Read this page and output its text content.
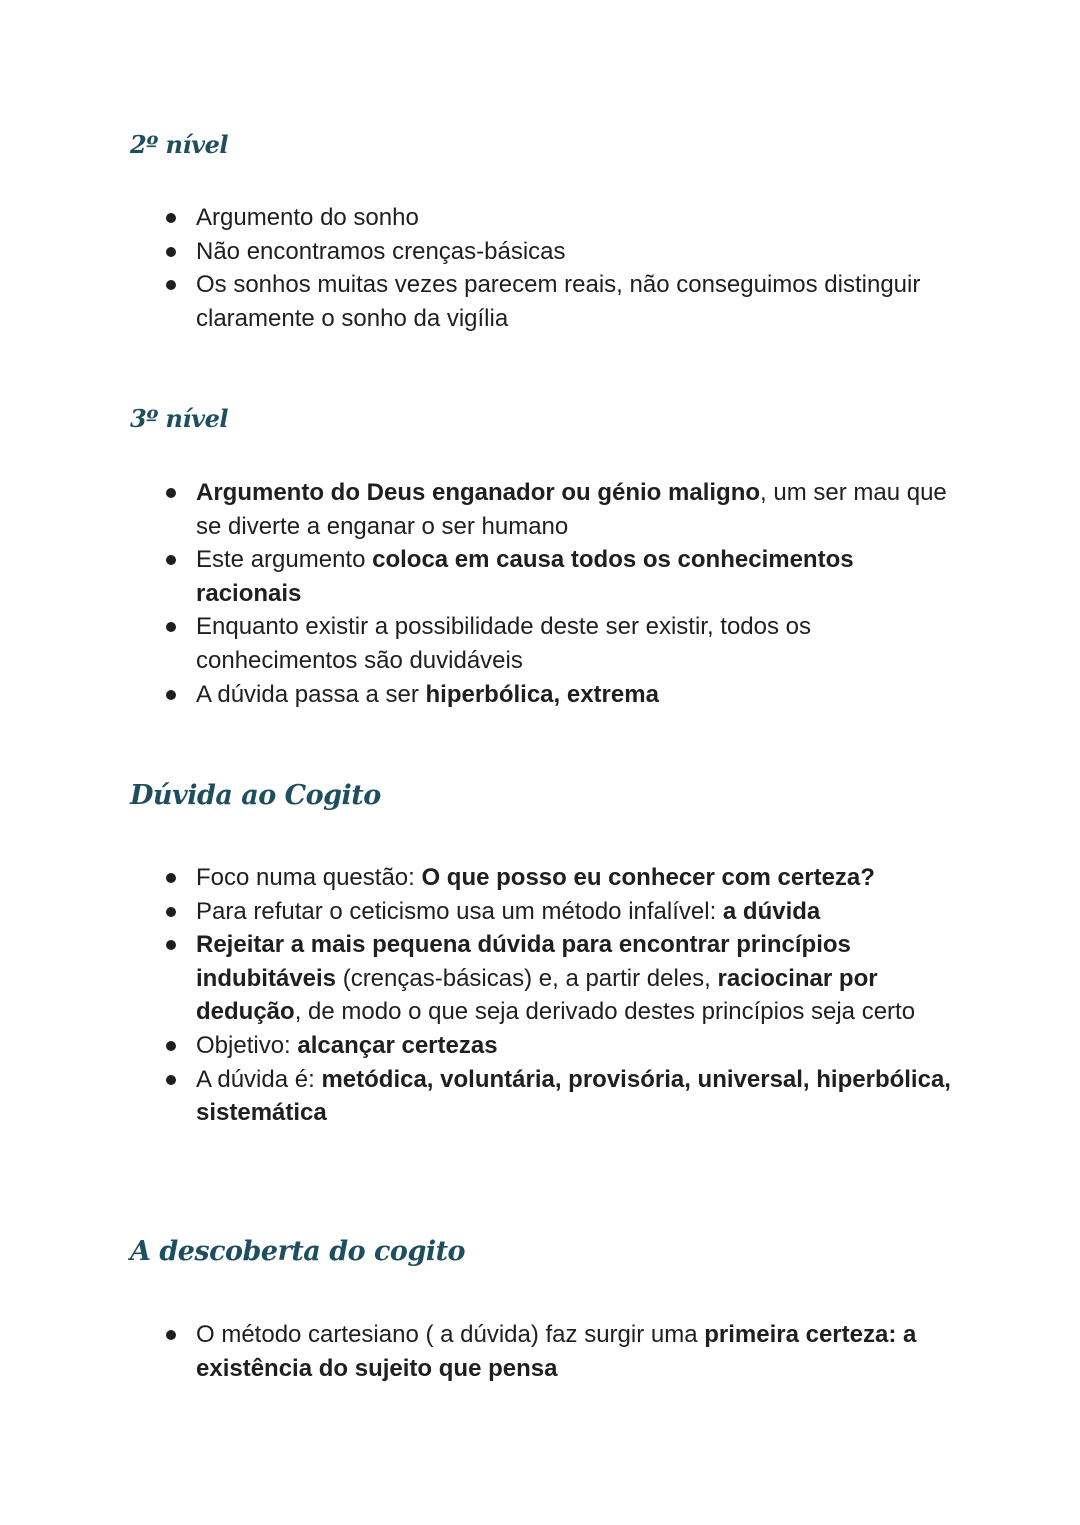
2º nível
Argumento do sonho
Não encontramos crenças-básicas
Os sonhos muitas vezes parecem reais, não conseguimos distinguir claramente o sonho da vigília
3º nível
Argumento do Deus enganador ou génio maligno, um ser mau que se diverte a enganar o ser humano
Este argumento coloca em causa todos os conhecimentos racionais
Enquanto existir a possibilidade deste ser existir, todos os conhecimentos são duvidáveis
A dúvida passa a ser hiperbólica, extrema
Dúvida ao Cogito
Foco numa questão: O que posso eu conhecer com certeza?
Para refutar o ceticismo usa um método infalível: a dúvida
Rejeitar a mais pequena dúvida para encontrar princípios indubitáveis (crenças-básicas) e, a partir deles, raciocinar por dedução, de modo o que seja derivado destes princípios seja certo
Objetivo: alcançar certezas
A dúvida é: metódica, voluntária, provisória, universal, hiperbólica, sistemática
A descoberta do cogito
O método cartesiano ( a dúvida) faz surgir uma primeira certeza: a existência do sujeito que pensa
